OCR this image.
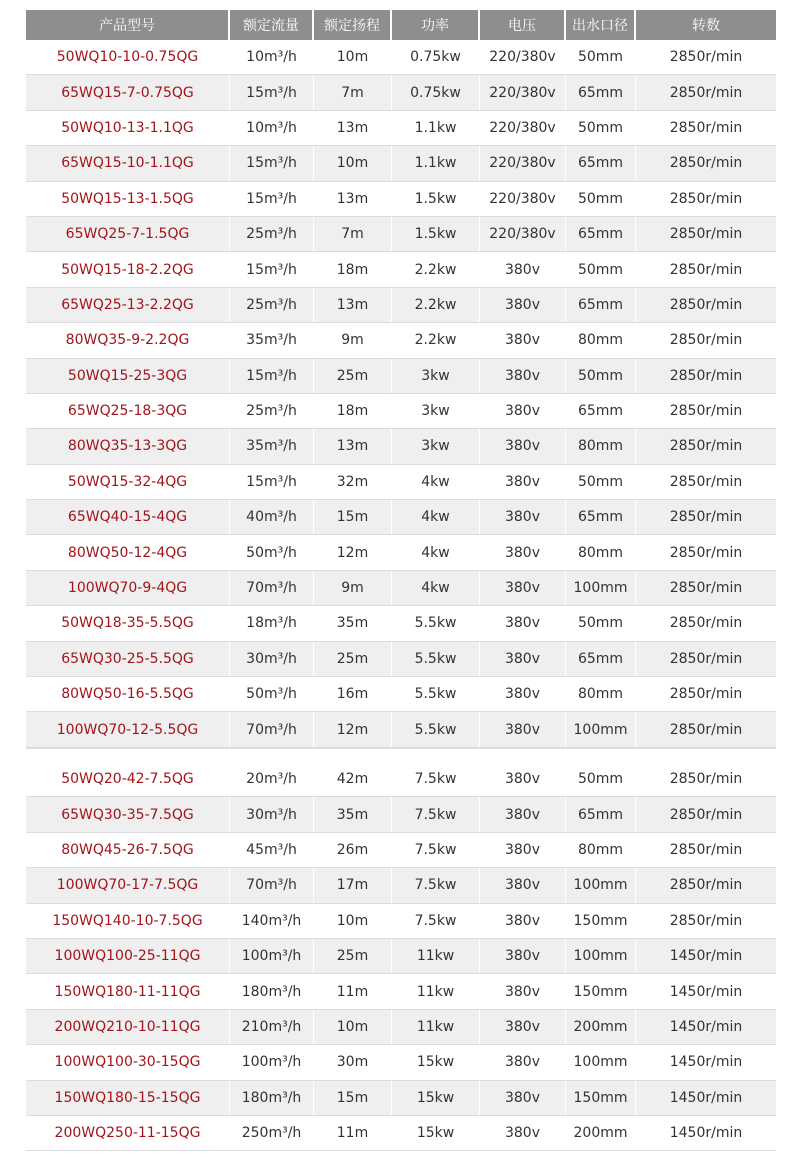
产品型号	额定流量	额定扬程	功率	电压	出水口径	转数
50WQ10-10-0.75QG	10m³/h	10m	0.75kw	220/380v	50mm	2850r/min
65WQ15-7-0.75QG	15m³/h	7m	0.75kw	220/380v	65mm	2850r/min
50WQ10-13-1.1QG	10m³/h	13m	1.1kw	220/380v	50mm	2850r/min
65WQ15-10-1.1QG	15m³/h	10m	1.1kw	220/380v	65mm	2850r/min
50WQ15-13-1.5QG	15m³/h	13m	1.5kw	220/380v	50mm	2850r/min
65WQ25-7-1.5QG	25m³/h	7m	1.5kw	220/380v	65mm	2850r/min
50WQ15-18-2.2QG	15m³/h	18m	2.2kw	380v	50mm	2850r/min
65WQ25-13-2.2QG	25m³/h	13m	2.2kw	380v	65mm	2850r/min
80WQ35-9-2.2QG	35m³/h	9m	2.2kw	380v	80mm	2850r/min
50WQ15-25-3QG	15m³/h	25m	3kw	380v	50mm	2850r/min
65WQ25-18-3QG	25m³/h	18m	3kw	380v	65mm	2850r/min
80WQ35-13-3QG	35m³/h	13m	3kw	380v	80mm	2850r/min
50WQ15-32-4QG	15m³/h	32m	4kw	380v	50mm	2850r/min
65WQ40-15-4QG	40m³/h	15m	4kw	380v	65mm	2850r/min
80WQ50-12-4QG	50m³/h	12m	4kw	380v	80mm	2850r/min
100WQ70-9-4QG	70m³/h	9m	4kw	380v	100mm	2850r/min
50WQ18-35-5.5QG	18m³/h	35m	5.5kw	380v	50mm	2850r/min
65WQ30-25-5.5QG	30m³/h	25m	5.5kw	380v	65mm	2850r/min
80WQ50-16-5.5QG	50m³/h	16m	5.5kw	380v	80mm	2850r/min
100WQ70-12-5.5QG	70m³/h	12m	5.5kw	380v	100mm	2850r/min
50WQ20-42-7.5QG	20m³/h	42m	7.5kw	380v	50mm	2850r/min
65WQ30-35-7.5QG	30m³/h	35m	7.5kw	380v	65mm	2850r/min
80WQ45-26-7.5QG	45m³/h	26m	7.5kw	380v	80mm	2850r/min
100WQ70-17-7.5QG	70m³/h	17m	7.5kw	380v	100mm	2850r/min
150WQ140-10-7.5QG	140m³/h	10m	7.5kw	380v	150mm	2850r/min
100WQ100-25-11QG	100m³/h	25m	11kw	380v	100mm	1450r/min
150WQ180-11-11QG	180m³/h	11m	11kw	380v	150mm	1450r/min
200WQ210-10-11QG	210m³/h	10m	11kw	380v	200mm	1450r/min
100WQ100-30-15QG	100m³/h	30m	15kw	380v	100mm	1450r/min
150WQ180-15-15QG	180m³/h	15m	15kw	380v	150mm	1450r/min
200WQ250-11-15QG	250m³/h	11m	15kw	380v	200mm	1450r/min
